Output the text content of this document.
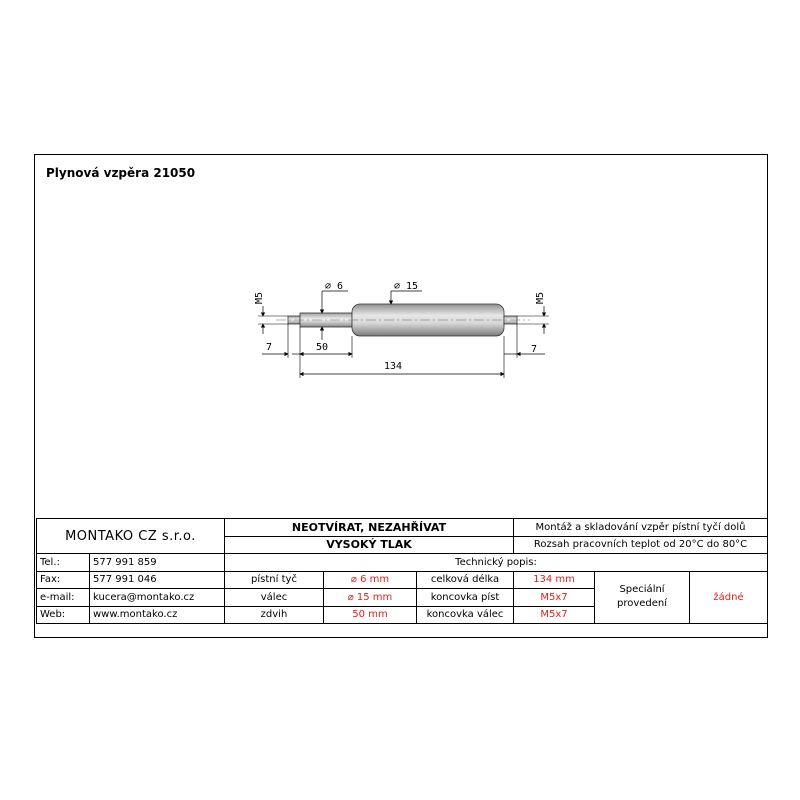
Plynová vzpěra 21050
⌀ 6	⌀ 15
M5	M5
7	50	7
134
MONTAKO CZ s.r.o.		NEOTVÍRAT, NEZAHŘÍVAT			Montáž a skladování vzpěr pístní tyčí dolů		
		VYSOKÝ TLAK			Rozsah pracovních teplot od 20°C do 80°C		
Tel.:	577 991 859	Technický popis:					
Fax:	577 991 046	pístní tyč	⌀ 6 mm	celková délka	134 mm	Speciální provedení	žádné
e-mail:	kucera@montako.cz	válec	⌀ 15 mm	koncovka píst	M5x7		
Web:	www.montako.cz	zdvih	50 mm	koncovka válec	M5x7		
